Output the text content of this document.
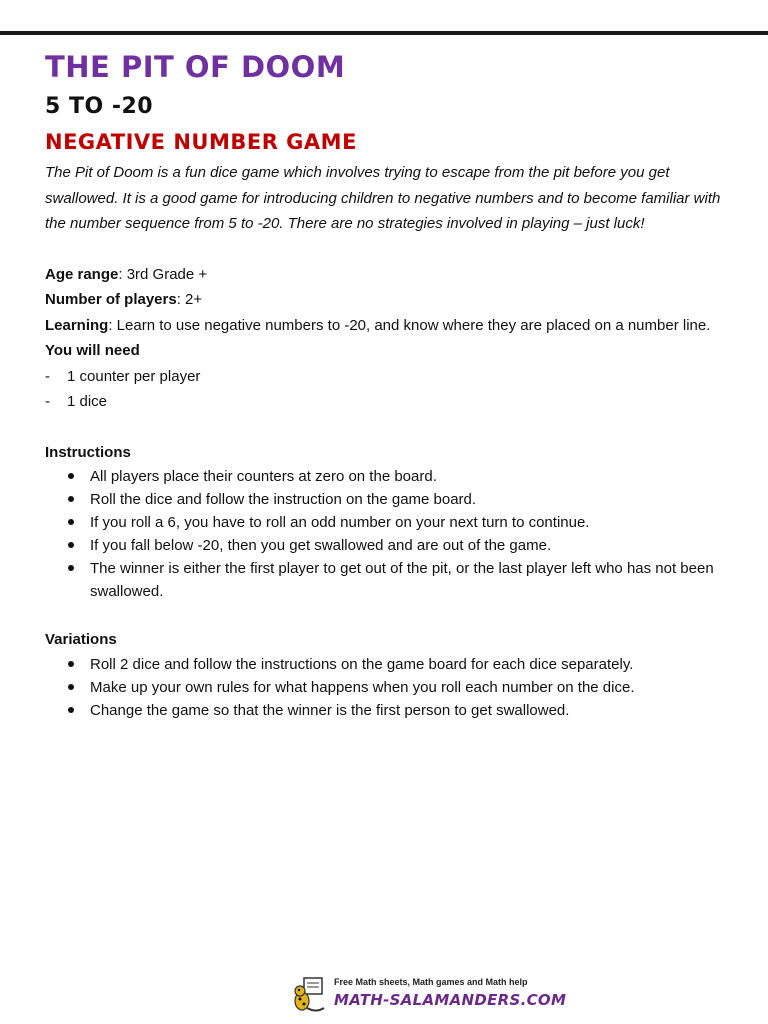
THE PIT OF DOOM
5 TO -20
NEGATIVE NUMBER GAME

The Pit of Doom is a fun dice game which involves trying to escape from the pit before you get swallowed. It is a good game for introducing children to negative numbers and to become familiar with the number sequence from 5 to -20. There are no strategies involved in playing – just luck!

Age range: 3rd Grade +

Number of players: 2+

Learning: Learn to use negative numbers to -20, and know where they are placed on a number line.

You will need

- 1 counter per player
- 1 dice

Instructions

All players place their counters at zero on the board.
Roll the dice and follow the instruction on the game board.
If you roll a 6, you have to roll an odd number on your next turn to continue.
If you fall below -20, then you get swallowed and are out of the game.
The winner is either the first player to get out of the pit, or the last player left who has not been swallowed.

Variations

Roll 2 dice and follow the instructions on the game board for each dice separately.
Make up your own rules for what happens when you roll each number on the dice.
Change the game so that the winner is the first person to get swallowed.
Free Math sheets, Math games and Math help
MATH-SALAMANDERS.COM
